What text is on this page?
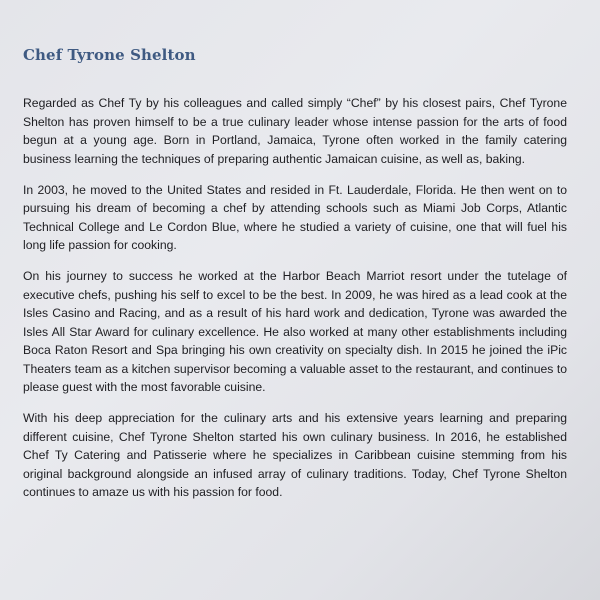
Chef Tyrone Shelton

Regarded as Chef Ty by his colleagues and called simply “Chef” by his closest pairs, Chef Tyrone Shelton has proven himself to be a true culinary leader whose intense passion for the arts of food begun at a young age. Born in Portland, Jamaica, Tyrone often worked in the family catering business learning the techniques of preparing authentic Jamaican cuisine, as well as, baking.

In 2003, he moved to the United States and resided in Ft. Lauderdale, Florida. He then went on to pursuing his dream of becoming a chef by attending schools such as Miami Job Corps, Atlantic Technical College and Le Cordon Blue, where he studied a variety of cuisine, one that will fuel his long life passion for cooking.

On his journey to success he worked at the Harbor Beach Marriot resort under the tutelage of executive chefs, pushing his self to excel to be the best. In 2009, he was hired as a lead cook at the Isles Casino and Racing, and as a result of his hard work and dedication, Tyrone was awarded the Isles All Star Award for culinary excellence. He also worked at many other establishments including Boca Raton Resort and Spa bringing his own creativity on specialty dish. In 2015 he joined the iPic Theaters team as a kitchen supervisor becoming a valuable asset to the restaurant, and continues to please guest with the most favorable cuisine.

With his deep appreciation for the culinary arts and his extensive years learning and preparing different cuisine, Chef Tyrone Shelton started his own culinary business. In 2016, he established Chef Ty Catering and Patisserie where he specializes in Caribbean cuisine stemming from his original background alongside an infused array of culinary traditions. Today, Chef Tyrone Shelton continues to amaze us with his passion for food.
